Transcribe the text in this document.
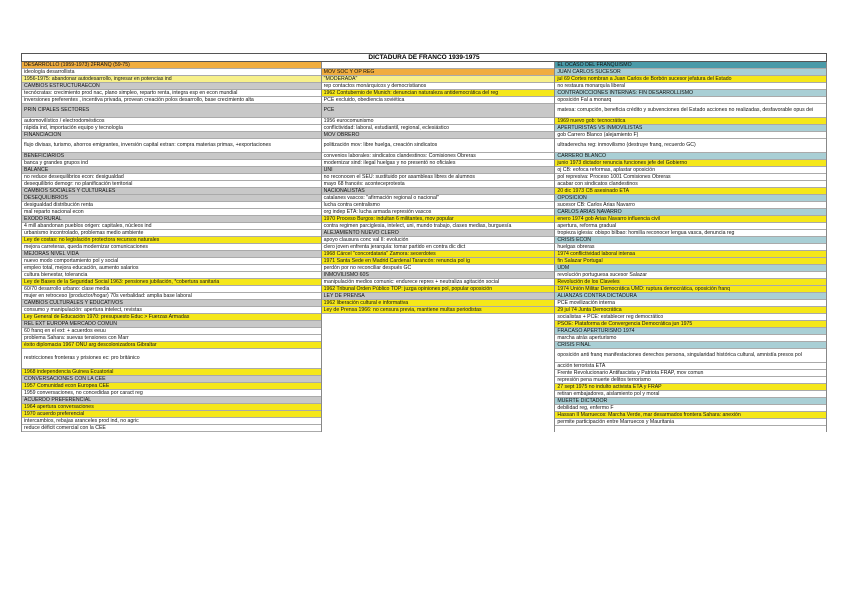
DICTADURA DE FRANCO 1939-1975
DESARROLLO (1959-1973) 2FRANQ (59-75)
ideología desarrollista
1956-1975: abandonar autodesarrollo, ingresar en potencias ind
CAMBIOS ESTRUCTURAECON
tecnócratas: crecimiento prod nac, plano simpleo, reparto renta, integra esp en econ mundial
inversiones preferentes , incentiva privada, provean creación polos desarrollo, base crecimiento alta
PRIN CIPALES SECTORES
automovilístico / electrodomésticos
rápida ind, importación equipo y tecnología
FINANCIACIÓN
flujo divisas, turismo, ahorros emigrantes, inversión capital extran: compra materias primas, +exportaciones
BENEFICIARIOS
banca y grandes grupos ind
BALANCE
no reduce desequilibrios econ: desigualdad
desequilibrio demogr: no planificación territorial
CAMBIOS SOCIALES Y CULTURALES
DESEQUILIBRIOS
desigualdad distribución renta
mal reparto nacional econ
ÉXODO RURAL
4 mill abandonan pueblos origen: capitales, núcleos ind
urbanismo incontrolado, problemas medio ambiente
Ley de costas: no legislación protectora recursos naturales
mejora carreteras, queda modernizar comunicaciones
MEJORAS NIVEL VIDA
nuevo modo comportamiento pol y social
empleo total, mejora educación, aumento salarios
cultura bienestar, tolerancia
Ley de Bases de la Seguridad Social 1963: pensiones jubilación, *cobertura sanitaria
60/70 desarrollo urbano: clase media
mujer en retroceso (productor/hogar) 70s verbalidad: amplia base laboral
CAMBIOS CULTURALES Y EDUCATIVOS
consumo y manipulación: apertura intelect, revistas
Ley General de Educación 1970: presupuesto Educ > Fuerzas Armadas
REL EXT EUROPA MERCADO COMÚN
60 franq en el ext: + acuerdos eeuu
problema Sahara: suevas tensiones con Marr
éxito diplomacia 1967 ONU arg descolonizadora Gibraltar
restricciones fronteras y prisiones ec: pro británico
1968 independencia Guinea Ecuatorial
CONVERSACIONES CON LA CEE
1957 Comunidad econ Europea CEE
1959 conversaciones, no concedidas por caract reg
ACUERDO PREFERENCIAL
1964 apertura conversaciones
1970 acuerdo preferencial
intercambios, rebajas aranceles prod ind, no agric
reduce déficit comercial con la CEE
MOV SOC Y OP REG
"MODERADA"
rep contactos monárquicos y democristianos
1962 Contubernio de Munich: denuncian naturaleza antidemocrática del reg
PCE excluido, obediencia soviética
PCE
1956 eurocomunismo
conflictividad: laboral, estudiantil, regional, eclesiástico
MOV OBRERO
politización mov: libre huelga, creación sindicatos
convenios laborales: sindicatos clandestinos: Comisiones Obreras
modernizar sind: ilegal huelgas y no presentó no oficiales
UNI
no reconocen el SEU: sustituido por asambleas libres de alumnos
mayo 68 francés: aconteceprotesta
NACIONALISTAS
catalanes vascos: "afirmación regional o nacional"
lucha contra centralismo
org indep ETA: lucha armada represión vascos
1970 Proceso Burgos: indultan 6 militantes, mov popular
contra regimen parciglesia, intelect, uni, mundo trabajo, clases medias, burguesía
ALEJAMIENTO NUEVO CLERO
apoyo clausura conc val II: evolución
clero joven enfrenta jerarquía: tomar partido en contra dic dict
1968 Cárcel "concordataria" Zamora: secerdotes
1971 Santa Sede en Madrid Cardenal Tarancón: renuncia pol ig
perdón por no reconciliar después GC
INMOVILISMO 60S
manipulación medios comunic: endurece repres + neutraliza agitación social
1962 Tribunal Orden Público TOP: juzga opiniones pol, popular oposición
LEY DE PRENSA
1962 liberación cultural e informativa
Ley de Prensa 1966: no censura previa, mantiene multas periodistas
EL OCASO DEL FRANQUISMO
JUAN CARLOS SUCESOR
jul 69 Cortes nombran a Juan Carlos de Borbón sucesor jefatura del Estado
no restaura monarquía liberal
CONTRADICCIONES INTERNAS: FIN DESARROLLISMO
oposición Fal a monarq
matesa: corrupción, beneficia crédito y subvenciones del Estado acciones no realizadas, desfavorable opus dei
1969 nuevo gob: tecnocrática
APERTURISTAS VS INMOVILISTAS
gob Carrero Blanco (alejamiento F)
ultraderecha reg: inmovilismo (destruye franq, recuerdo GC)
CARRERO BLANCO
junio 1973 dictador renuncia funciones jefe del Gobierno
oj CB: eofoca reformas, aplastar oposición
pol represiva: Proceso 1001 Comisiones Obreras
acabar con sindicatos clandestinos
20 dic 1973 CB asesinado ETA
OPOSICIÓN
sucesor CB: Carlos Arias Navarro
CARLOS ARIAS NAVARRO
enero 1974 gob Arias Navarro influencia civil
apertura, reforma gradual
tropieza iglesia: obispo bilbao: homilía reconocer lengua vasca, denuncia reg
CRISIS ECON
huelgas obreras
1974 conflictividad laboral intensa
fin Salazar Portugal
UDM
revolución portuguesa sucesor Salazar
Revolución de los Claveles
1974 Unión Militar Democrática UMD: ruptura democrática, oposición franq
ALIANZAS CONTRA DICTADURA
PCE movilización interna
29 jul 74 Junta Democrática
socialistas + PCE: establecer reg democrático
PSOE: Plataforma de Convergencia Democrática jun 1975
FRACASO APERTURISMO 1974
marcha atrás aperturismo
CRISIS FINAL
oposición anti franq manifestaciones derechos persona, singularidad histórica cultural, amnistía presos pol
acción terrorista ETA
Frente Revolucionario Antifascista y Patriota FRAP, mov comun
represión pena muerte delitos terrorismo
27 sept 1975 no indulto activista ETA y FRAP
retiran embajadores, aislamiento pol y moral
MUERTE DICTADOR
debilidad reg, enfermo F
Hassan II Marruecos: Marcha Verde, mar desarmados frontera Sahara: anexión
permite participación entre Marruecos y Mauritania
